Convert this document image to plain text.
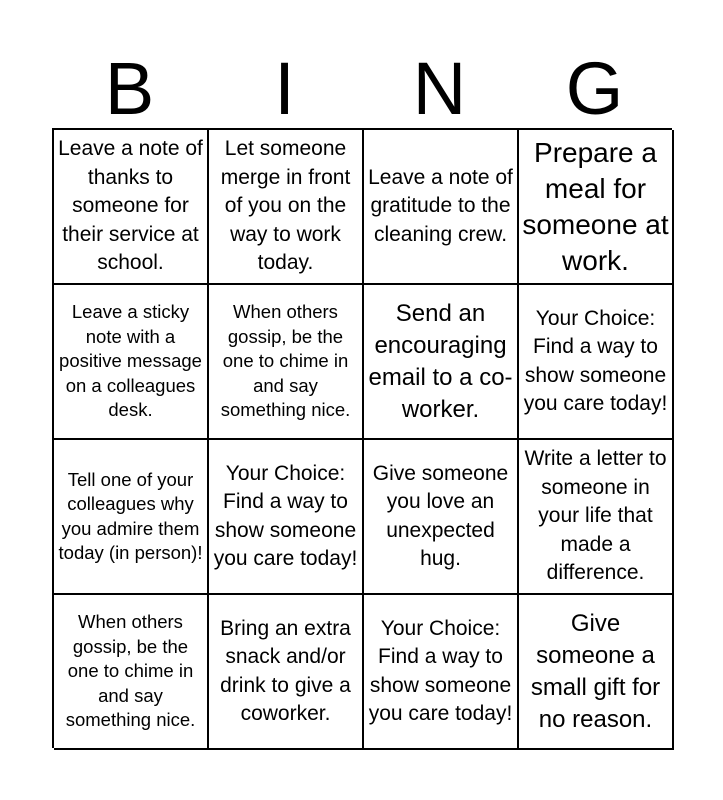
B	I	N	G
Leave a note of thanks to someone for their service at school.
Let someone merge in front of you on the way to work today.
Leave a note of gratitude to the cleaning crew.
Prepare a meal for someone at work.
Leave a sticky note with a positive message on a colleagues desk.
When others gossip, be the one to chime in and say something nice.
Send an encouraging email to a co-worker.
Your Choice: Find a way to show someone you care today!
Tell one of your colleagues why you admire them today (in person)!
Your Choice: Find a way to show someone you care today!
Give someone you love an unexpected hug.
Write a letter to someone in your life that made a difference.
When others gossip, be the one to chime in and say something nice.
Bring an extra snack and/or drink to give a coworker.
Your Choice: Find a way to show someone you care today!
Give someone a small gift for no reason.
